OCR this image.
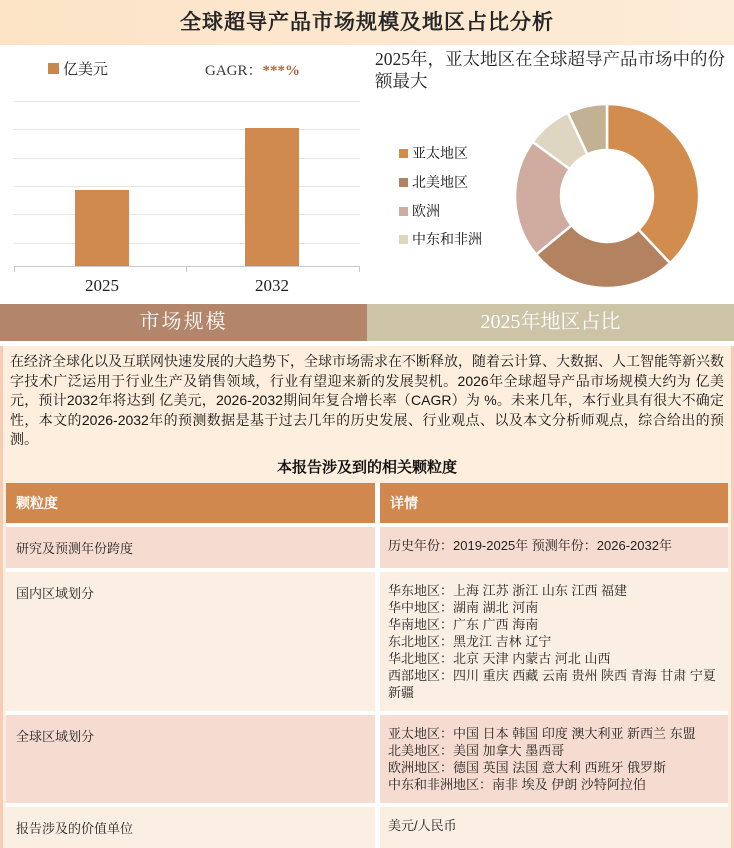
全球超导产品市场规模及地区占比分析
亿美元	GAGR：***%
2025	2032
2025年，亚太地区在全球超导产品市场中的份额最大
亚太地区
北美地区
欧洲
中东和非洲
市场规模	2025年地区占比

在经济全球化以及互联网快速发展的大趋势下，全球市场需求在不断释放，随着云计算、大数据、人工智能等新兴数字技术广泛运用于行业生产及销售领域，行业有望迎来新的发展契机。2026年全球超导产品市场规模大约为 亿美元，预计2032年将达到 亿美元，2026-2032期间年复合增长率（CAGR）为 %。未来几年，本行业具有很大不确定性，本文的2026-2032年的预测数据是基于过去几年的历史发展、行业观点、以及本文分析师观点，综合给出的预测。

本报告涉及到的相关颗粒度
颗粒度	详情
研究及预测年份跨度	历史年份：2019-2025年 预测年份：2026-2032年
国内区域划分	华东地区：上海 江苏 浙江 山东 江西 福建
华中地区：湖南 湖北 河南
华南地区：广东 广西 海南
东北地区：黑龙江 吉林 辽宁
华北地区：北京 天津 内蒙古 河北 山西
西部地区：四川 重庆 西藏 云南 贵州 陕西 青海 甘肃 宁夏 新疆
全球区域划分	亚太地区：中国 日本 韩国 印度 澳大利亚 新西兰 东盟
北美地区：美国 加拿大 墨西哥
欧洲地区：德国 英国 法国 意大利 西班牙 俄罗斯
中东和非洲地区：南非 埃及 伊朗 沙特阿拉伯
报告涉及的价值单位	美元/人民币
